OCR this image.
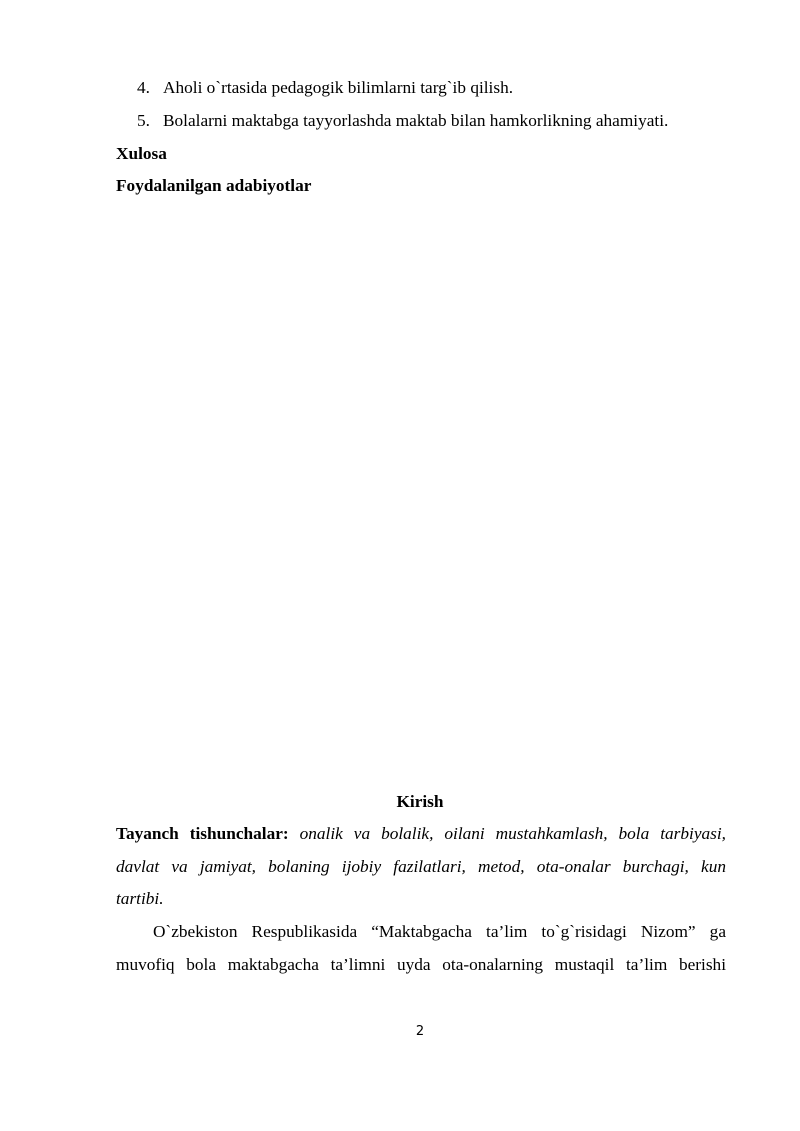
4. Aholi o`rtasida pedagogik bilimlarni targ`ib qilish.
5. Bolalarni maktabga tayyorlashda maktab bilan hamkorlikning ahamiyati.
Xulosa
Foydalanilgan adabiyotlar
Kirish
Tayanch tishunchalar: onalik va bolalik, oilani mustahkamlash, bola tarbiyasi,
davlat va jamiyat, bolaning ijobiy fazilatlari, metod, ota-onalar burchagi, kun
tartibi.
O`zbekiston Respublikasida “Maktabgacha ta’lim to`g`risidagi Nizom” ga
muvofiq bola maktabgacha ta’limni uyda ota-onalarning mustaqil ta’lim berishi
2
